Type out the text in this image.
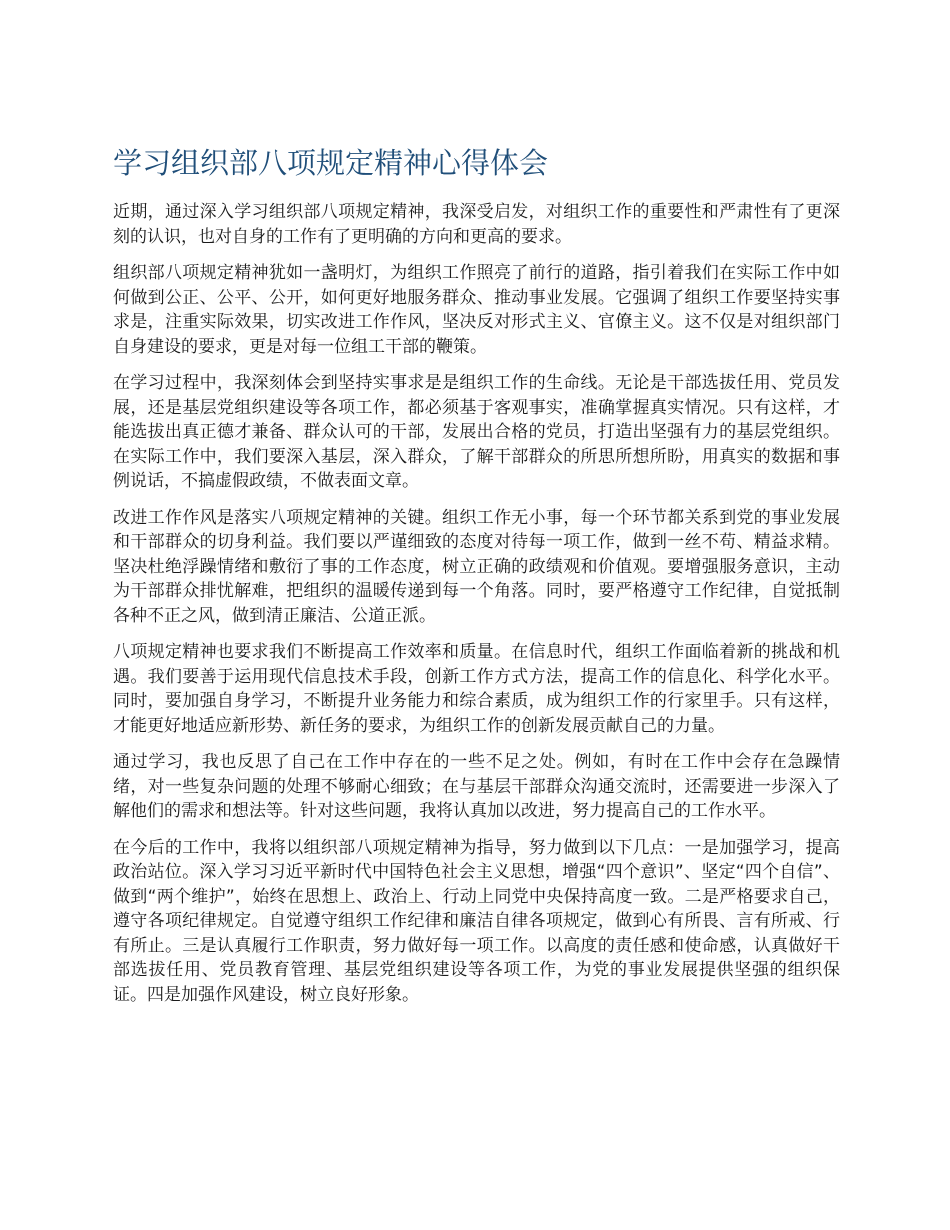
学习组织部八项规定精神心得体会

近期，通过深入学习组织部八项规定精神，我深受启发，对组织工作的重要性和严肃性有了更深刻的认识，也对自身的工作有了更明确的方向和更高的要求。

组织部八项规定精神犹如一盏明灯，为组织工作照亮了前行的道路，指引着我们在实际工作中如何做到公正、公平、公开，如何更好地服务群众、推动事业发展。它强调了组织工作要坚持实事求是，注重实际效果，切实改进工作作风，坚决反对形式主义、官僚主义。这不仅是对组织部门自身建设的要求，更是对每一位组工干部的鞭策。

在学习过程中，我深刻体会到坚持实事求是是组织工作的生命线。无论是干部选拔任用、党员发展，还是基层党组织建设等各项工作，都必须基于客观事实，准确掌握真实情况。只有这样，才能选拔出真正德才兼备、群众认可的干部，发展出合格的党员，打造出坚强有力的基层党组织。在实际工作中，我们要深入基层，深入群众，了解干部群众的所思所想所盼，用真实的数据和事例说话，不搞虚假政绩，不做表面文章。

改进工作作风是落实八项规定精神的关键。组织工作无小事，每一个环节都关系到党的事业发展和干部群众的切身利益。我们要以严谨细致的态度对待每一项工作，做到一丝不苟、精益求精。坚决杜绝浮躁情绪和敷衍了事的工作态度，树立正确的政绩观和价值观。要增强服务意识，主动为干部群众排忧解难，把组织的温暖传递到每一个角落。同时，要严格遵守工作纪律，自觉抵制各种不正之风，做到清正廉洁、公道正派。

八项规定精神也要求我们不断提高工作效率和质量。在信息时代，组织工作面临着新的挑战和机遇。我们要善于运用现代信息技术手段，创新工作方式方法，提高工作的信息化、科学化水平。同时，要加强自身学习，不断提升业务能力和综合素质，成为组织工作的行家里手。只有这样，才能更好地适应新形势、新任务的要求，为组织工作的创新发展贡献自己的力量。

通过学习，我也反思了自己在工作中存在的一些不足之处。例如，有时在工作中会存在急躁情绪，对一些复杂问题的处理不够耐心细致；在与基层干部群众沟通交流时，还需要进一步深入了解他们的需求和想法等。针对这些问题，我将认真加以改进，努力提高自己的工作水平。

在今后的工作中，我将以组织部八项规定精神为指导，努力做到以下几点：一是加强学习，提高政治站位。深入学习习近平新时代中国特色社会主义思想，增强“四个意识”、坚定“四个自信”、做到“两个维护”，始终在思想上、政治上、行动上同党中央保持高度一致。二是严格要求自己，遵守各项纪律规定。自觉遵守组织工作纪律和廉洁自律各项规定，做到心有所畏、言有所戒、行有所止。三是认真履行工作职责，努力做好每一项工作。以高度的责任感和使命感，认真做好干部选拔任用、党员教育管理、基层党组织建设等各项工作，为党的事业发展提供坚强的组织保证。四是加强作风建设，树立良好形象。
